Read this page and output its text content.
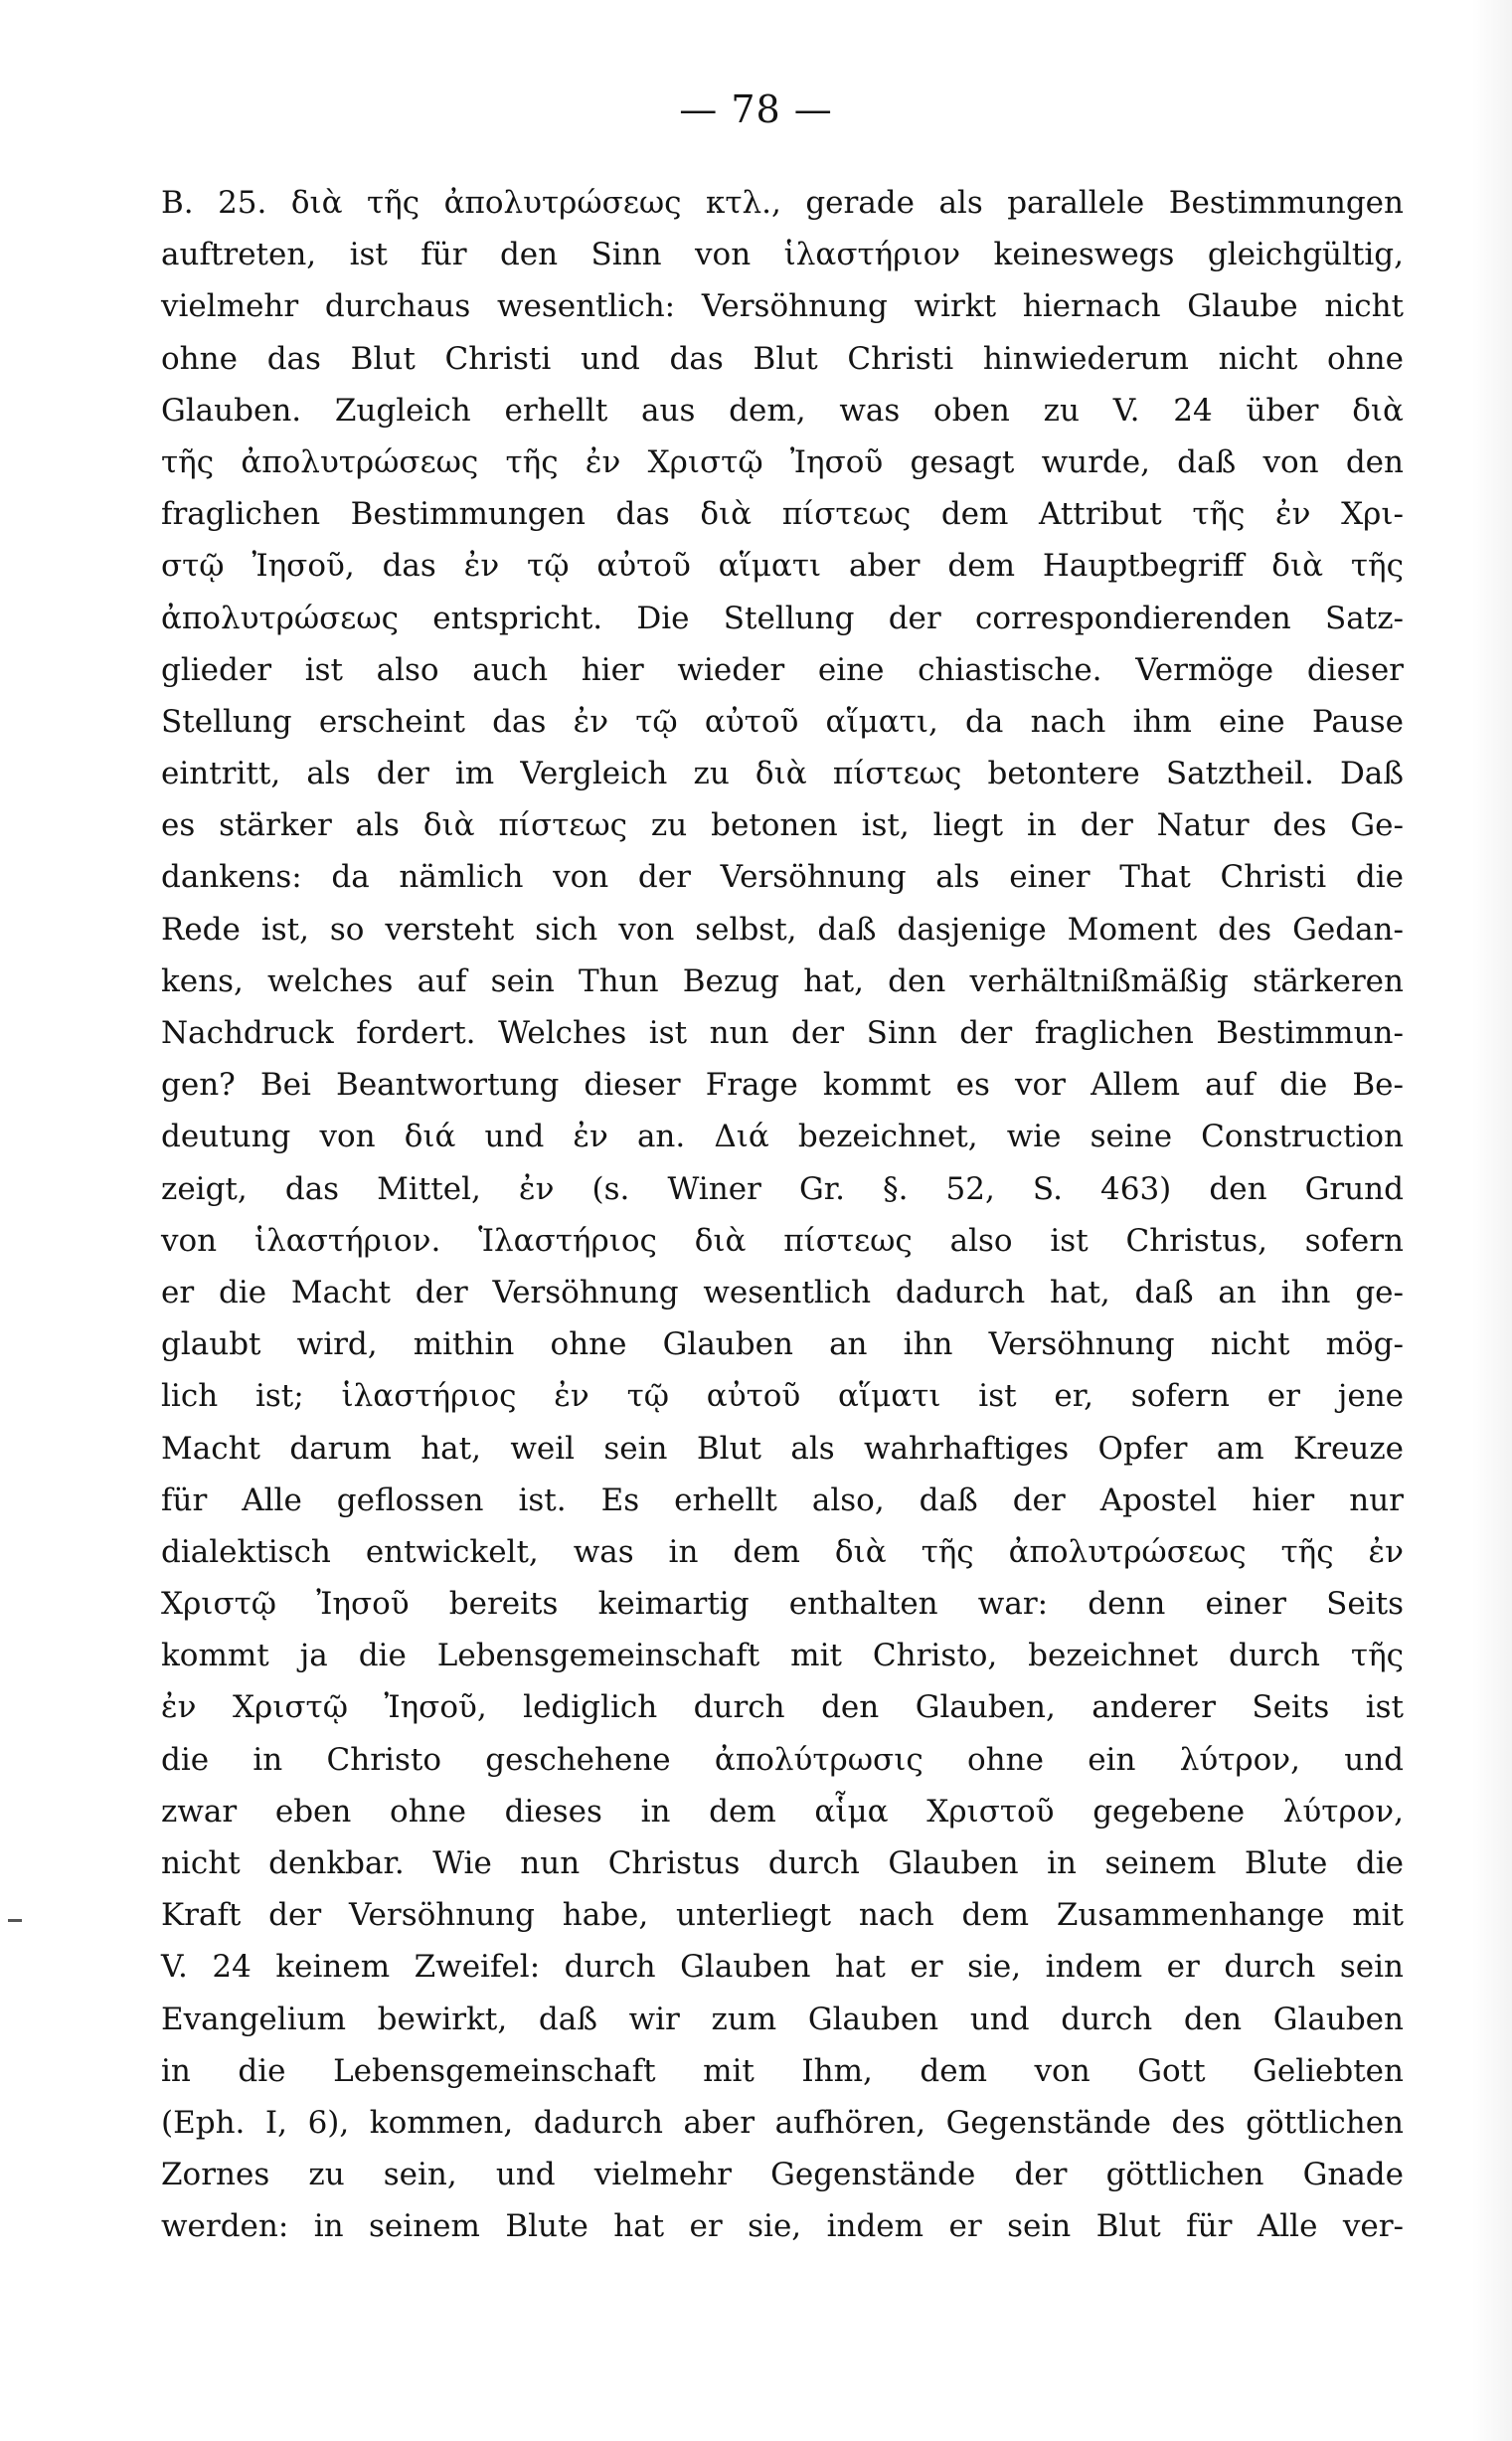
— 78 —
B. 25. διὰ τῆς ἀπολυτρώσεως κτλ., gerade als parallele Bestimmungen
auftreten, ist für den Sinn von ἱλαστήριον keineswegs gleichgültig,
vielmehr durchaus wesentlich: Versöhnung wirkt hiernach Glaube nicht
ohne das Blut Christi und das Blut Christi hinwiederum nicht ohne
Glauben. Zugleich erhellt aus dem, was oben zu V. 24 über διὰ
τῆς ἀπολυτρώσεως τῆς ἐν Χριστῷ Ἰησοῦ gesagt wurde, daß von den
fraglichen Bestimmungen das διὰ πίστεως dem Attribut τῆς ἐν Χρι-
στῷ Ἰησοῦ, das ἐν τῷ αὐτοῦ αἵματι aber dem Hauptbegriff διὰ τῆς
ἀπολυτρώσεως entspricht. Die Stellung der correspondierenden Satz-
glieder ist also auch hier wieder eine chiastische. Vermöge dieser
Stellung erscheint das ἐν τῷ αὐτοῦ αἵματι, da nach ihm eine Pause
eintritt, als der im Vergleich zu διὰ πίστεως betontere Satztheil. Daß
es stärker als διὰ πίστεως zu betonen ist, liegt in der Natur des Ge-
dankens: da nämlich von der Versöhnung als einer That Christi die
Rede ist, so versteht sich von selbst, daß dasjenige Moment des Gedan-
kens, welches auf sein Thun Bezug hat, den verhältnißmäßig stärkeren
Nachdruck fordert. Welches ist nun der Sinn der fraglichen Bestimmun-
gen? Bei Beantwortung dieser Frage kommt es vor Allem auf die Be-
deutung von διά und ἐν an. Διά bezeichnet, wie seine Construction
zeigt, das Mittel, ἐν (s. Winer Gr. §. 52, S. 463) den Grund
von ἱλαστήριον. Ἱλαστήριος διὰ πίστεως also ist Christus, sofern
er die Macht der Versöhnung wesentlich dadurch hat, daß an ihn ge-
glaubt wird, mithin ohne Glauben an ihn Versöhnung nicht mög-
lich ist; ἱλαστήριος ἐν τῷ αὐτοῦ αἵματι ist er, sofern er jene
Macht darum hat, weil sein Blut als wahrhaftiges Opfer am Kreuze
für Alle geflossen ist. Es erhellt also, daß der Apostel hier nur
dialektisch entwickelt, was in dem διὰ τῆς ἀπολυτρώσεως τῆς ἐν
Χριστῷ Ἰησοῦ bereits keimartig enthalten war: denn einer Seits
kommt ja die Lebensgemeinschaft mit Christo, bezeichnet durch τῆς
ἐν Χριστῷ Ἰησοῦ, lediglich durch den Glauben, anderer Seits ist
die in Christo geschehene ἀπολύτρωσις ohne ein λύτρον, und
zwar eben ohne dieses in dem αἷμα Χριστοῦ gegebene λύτρον,
nicht denkbar. Wie nun Christus durch Glauben in seinem Blute die
Kraft der Versöhnung habe, unterliegt nach dem Zusammenhange mit
V. 24 keinem Zweifel: durch Glauben hat er sie, indem er durch sein
Evangelium bewirkt, daß wir zum Glauben und durch den Glauben
in die Lebensgemeinschaft mit Ihm, dem von Gott Geliebten
(Eph. I, 6), kommen, dadurch aber aufhören, Gegenstände des göttlichen
Zornes zu sein, und vielmehr Gegenstände der göttlichen Gnade
werden: in seinem Blute hat er sie, indem er sein Blut für Alle ver-
